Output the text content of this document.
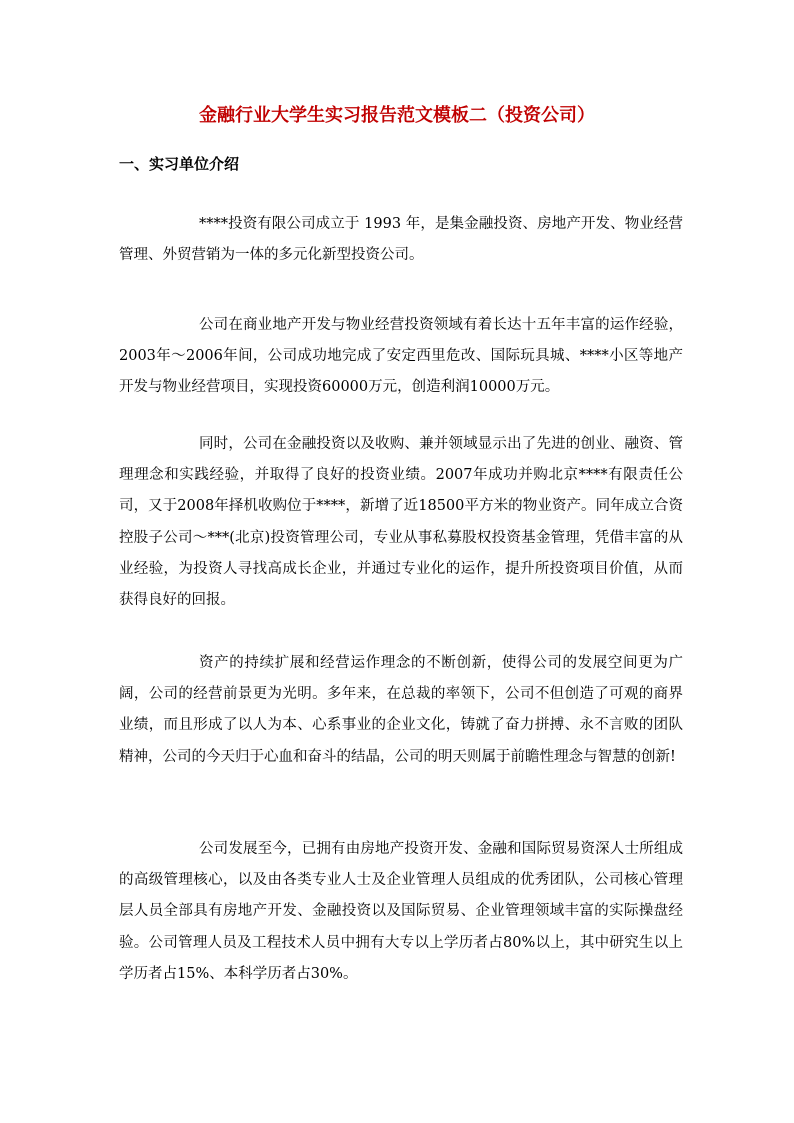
金融行业大学生实习报告范文模板二（投资公司）
一、实习单位介绍

****投资有限公司成立于 1993 年，是集金融投资、房地产开发、物业经营管理、外贸营销为一体的多元化新型投资公司。

公司在商业地产开发与物业经营投资领域有着长达十五年丰富的运作经验，2003年～2006年间，公司成功地完成了安定西里危改、国际玩具城、****小区等地产开发与物业经营项目，实现投资60000万元，创造利润10000万元。

同时，公司在金融投资以及收购、兼并领域显示出了先进的创业、融资、管理理念和实践经验，并取得了良好的投资业绩。2007年成功并购北京****有限责任公司，又于2008年择机收购位于****，新增了近18500平方米的物业资产。同年成立合资控股子公司～***(北京)投资管理公司，专业从事私募股权投资基金管理，凭借丰富的从业经验，为投资人寻找高成长企业，并通过专业化的运作，提升所投资项目价值，从而获得良好的回报。

资产的持续扩展和经营运作理念的不断创新，使得公司的发展空间更为广阔，公司的经营前景更为光明。多年来，在总裁的率领下，公司不但创造了可观的商界业绩，而且形成了以人为本、心系事业的企业文化，铸就了奋力拼搏、永不言败的团队精神，公司的今天归于心血和奋斗的结晶，公司的明天则属于前瞻性理念与智慧的创新!

公司发展至今，已拥有由房地产投资开发、金融和国际贸易资深人士所组成的高级管理核心，以及由各类专业人士及企业管理人员组成的优秀团队，公司核心管理层人员全部具有房地产开发、金融投资以及国际贸易、企业管理领域丰富的实际操盘经验。公司管理人员及工程技术人员中拥有大专以上学历者占80%以上，其中研究生以上学历者占15%、本科学历者占30%。
